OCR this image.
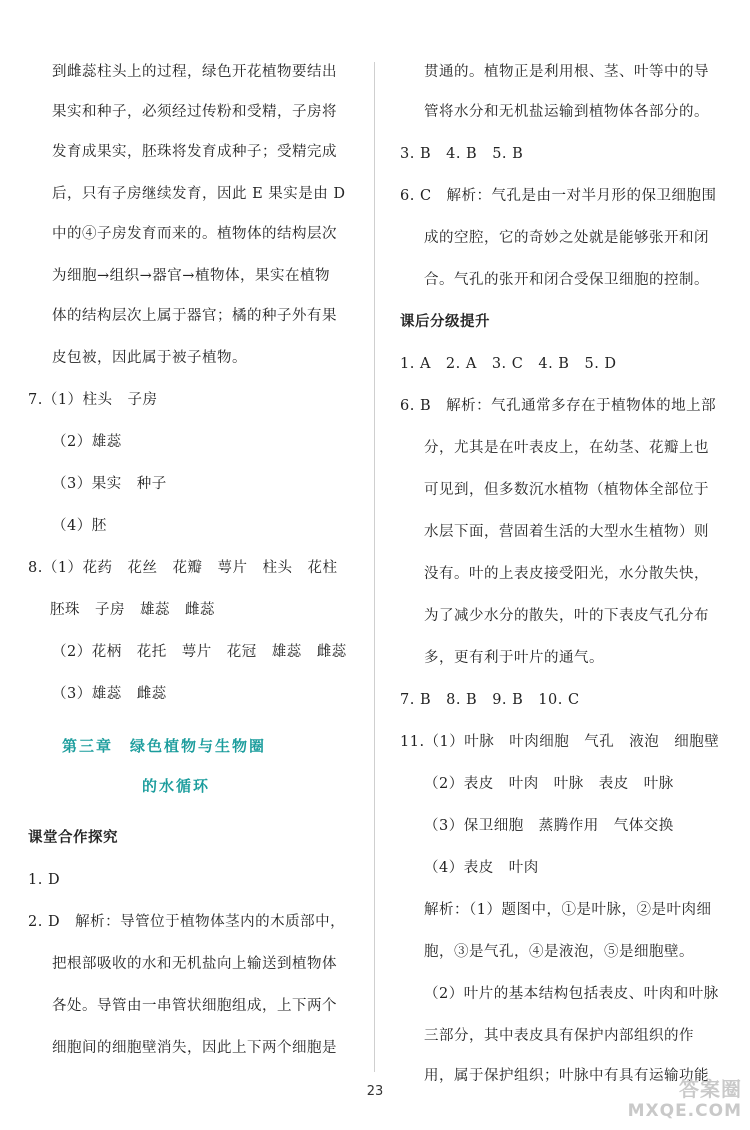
到雌蕊柱头上的过程，绿色开花植物要结出
果实和种子，必须经过传粉和受精，子房将
发育成果实，胚珠将发育成种子；受精完成
后，只有子房继续发育，因此 E 果实是由 D
中的④子房发育而来的。植物体的结构层次
为细胞→组织→器官→植物体，果实在植物
体的结构层次上属于器官；橘的种子外有果
皮包被，因此属于被子植物。
7.（1）柱头　子房
（2）雄蕊
（3）果实　种子
（4）胚
8.（1）花药　花丝　花瓣　萼片　柱头　花柱
胚珠　子房　雄蕊　雌蕊
（2）花柄　花托　萼片　花冠　雄蕊　雌蕊
（3）雄蕊　雌蕊
第三章　绿色植物与生物圈
的水循环
课堂合作探究
1. D
2. D　解析：导管位于植物体茎内的木质部中，
把根部吸收的水和无机盐向上输送到植物体
各处。导管由一串管状细胞组成，上下两个
细胞间的细胞壁消失，因此上下两个细胞是
贯通的。植物正是利用根、茎、叶等中的导
管将水分和无机盐运输到植物体各部分的。
3. B　4. B　5. B
6. C　解析：气孔是由一对半月形的保卫细胞围
成的空腔，它的奇妙之处就是能够张开和闭
合。气孔的张开和闭合受保卫细胞的控制。
课后分级提升
1. A　2. A　3. C　4. B　5. D
6. B　解析：气孔通常多存在于植物体的地上部
分，尤其是在叶表皮上，在幼茎、花瓣上也
可见到，但多数沉水植物（植物体全部位于
水层下面，营固着生活的大型水生植物）则
没有。叶的上表皮接受阳光，水分散失快，
为了减少水分的散失，叶的下表皮气孔分布
多，更有利于叶片的通气。
7. B　8. B　9. B　10. C
11.（1）叶脉　叶肉细胞　气孔　液泡　细胞壁
（2）表皮　叶肉　叶脉　表皮　叶脉
（3）保卫细胞　蒸腾作用　气体交换
（4）表皮　叶肉
解析：（1）题图中，①是叶脉，②是叶肉细
胞，③是气孔，④是液泡，⑤是细胞壁。
（2）叶片的基本结构包括表皮、叶肉和叶脉
三部分，其中表皮具有保护内部组织的作
用，属于保护组织；叶脉中有具有运输功能
23	答案圈
MXQE.COM
